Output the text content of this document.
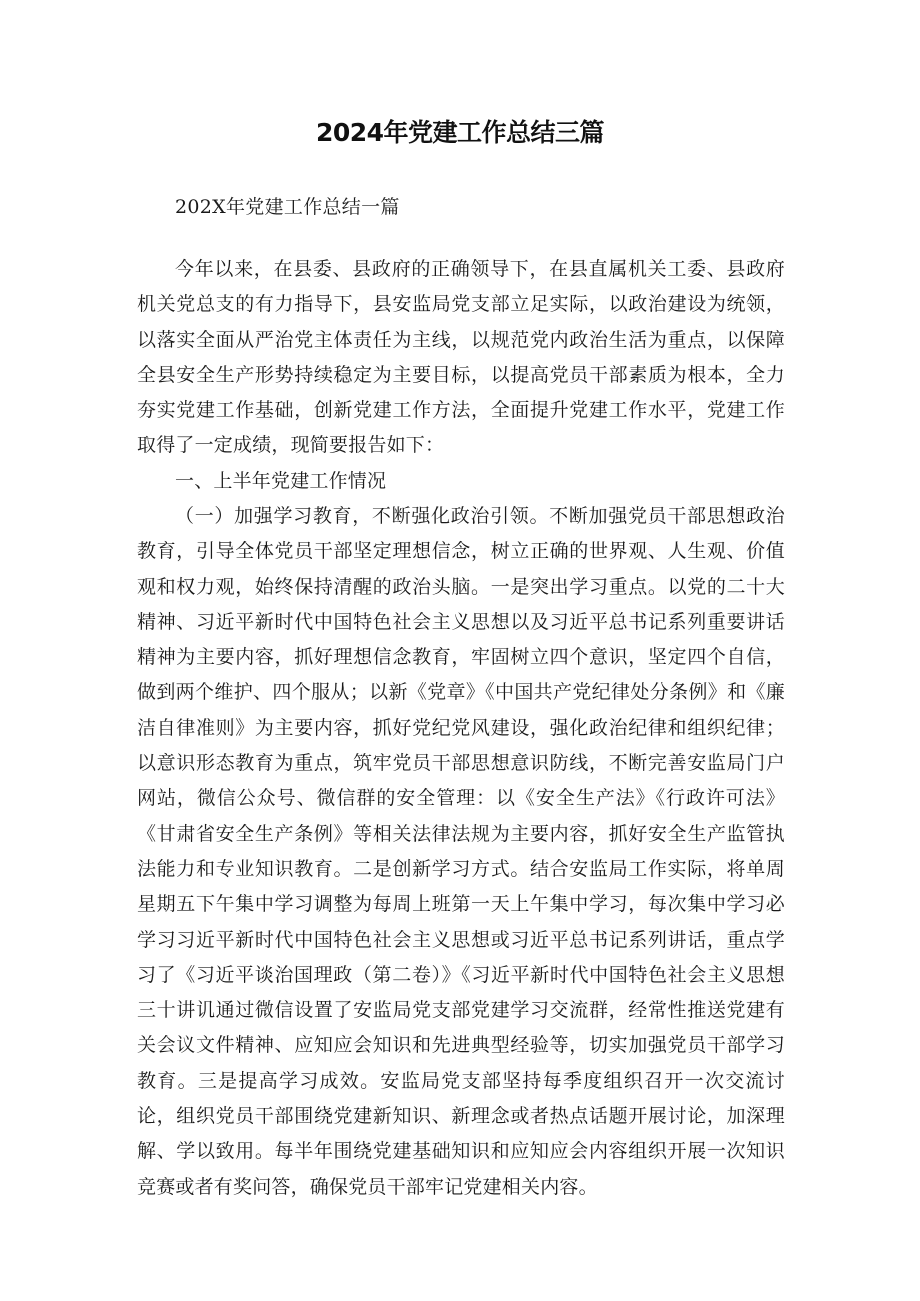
2024年党建工作总结三篇

202X年党建工作总结一篇

今年以来，在县委、县政府的正确领导下，在县直属机关工委、县政府机关党总支的有力指导下，县安监局党支部立足实际，以政治建设为统领，以落实全面从严治党主体责任为主线，以规范党内政治生活为重点，以保障全县安全生产形势持续稳定为主要目标，以提高党员干部素质为根本，全力夯实党建工作基础，创新党建工作方法，全面提升党建工作水平，党建工作取得了一定成绩，现简要报告如下：

一、上半年党建工作情况

（一）加强学习教育，不断强化政治引领。不断加强党员干部思想政治教育，引导全体党员干部坚定理想信念，树立正确的世界观、人生观、价值观和权力观，始终保持清醒的政治头脑。一是突出学习重点。以党的二十大精神、习近平新时代中国特色社会主义思想以及习近平总书记系列重要讲话精神为主要内容，抓好理想信念教育，牢固树立四个意识，坚定四个自信，做到两个维护、四个服从；以新《党章》《中国共产党纪律处分条例》和《廉洁自律准则》为主要内容，抓好党纪党风建设，强化政治纪律和组织纪律；以意识形态教育为重点，筑牢党员干部思想意识防线，不断完善安监局门户网站，微信公众号、微信群的安全管理：以《安全生产法》《行政许可法》《甘肃省安全生产条例》等相关法律法规为主要内容，抓好安全生产监管执法能力和专业知识教育。二是创新学习方式。结合安监局工作实际，将单周星期五下午集中学习调整为每周上班第一天上午集中学习，每次集中学习必学习习近平新时代中国特色社会主义思想或习近平总书记系列讲话，重点学习了《习近平谈治国理政（第二卷）》《习近平新时代中国特色社会主义思想三十讲讥通过微信设置了安监局党支部党建学习交流群，经常性推送党建有关会议文件精神、应知应会知识和先进典型经验等，切实加强党员干部学习教育。三是提高学习成效。安监局党支部坚持每季度组织召开一次交流讨论，组织党员干部围绕党建新知识、新理念或者热点话题开展讨论，加深理解、学以致用。每半年围绕党建基础知识和应知应会内容组织开展一次知识竞赛或者有奖问答，确保党员干部牢记党建相关内容。
